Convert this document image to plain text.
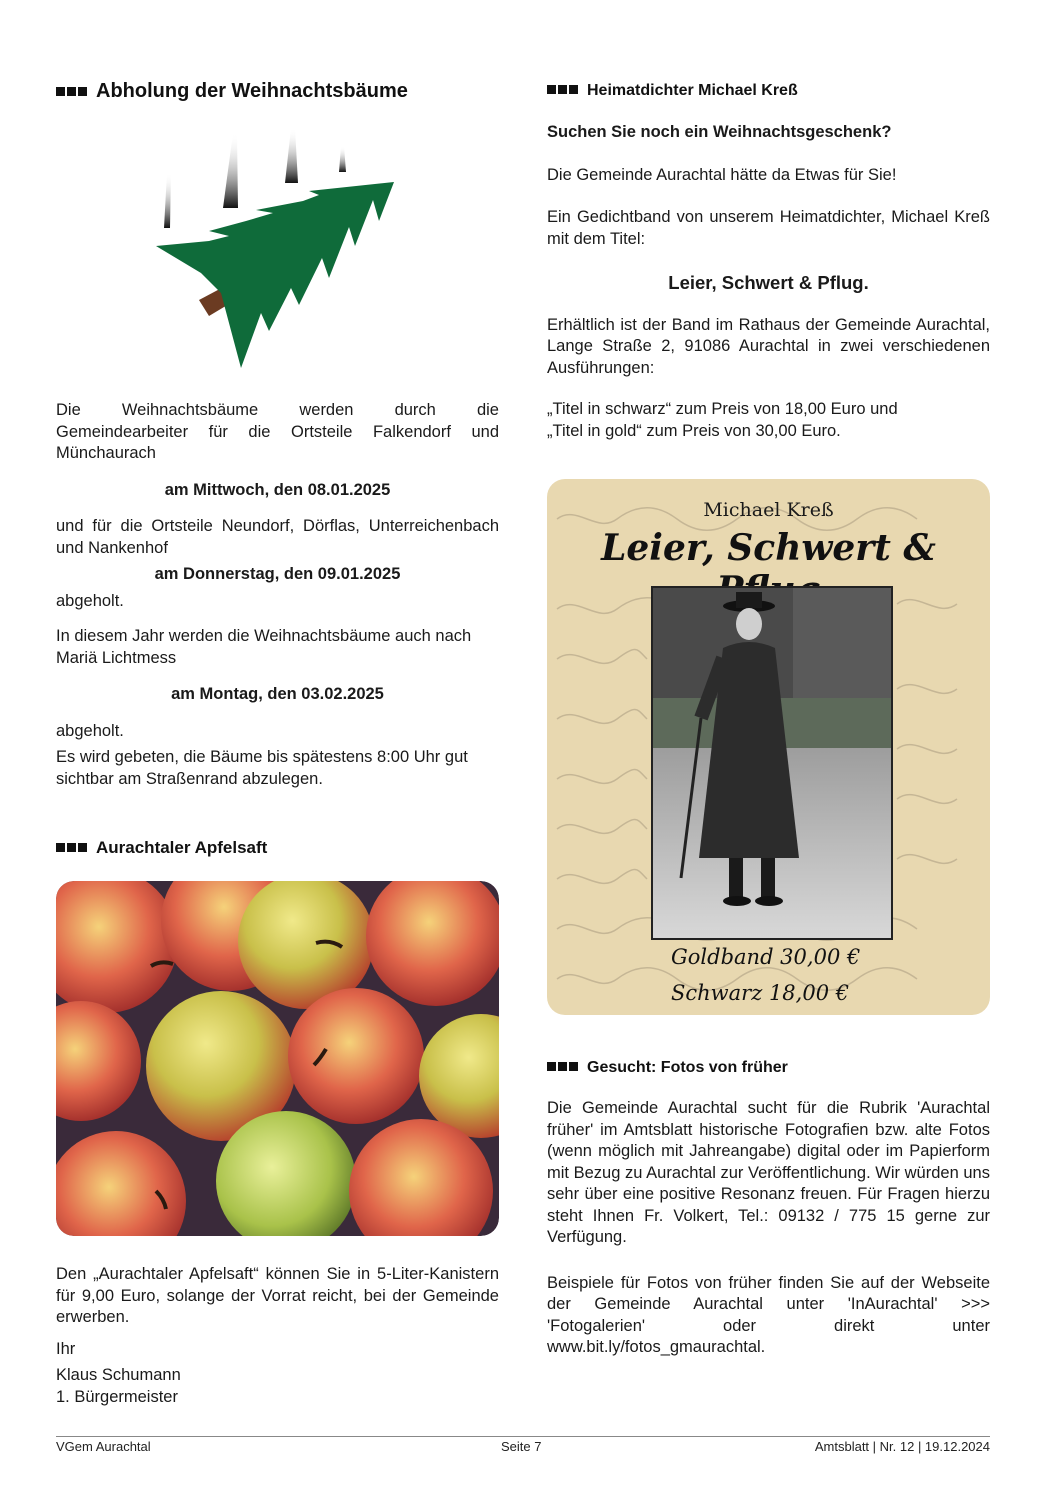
Abholung der Weihnachtsbäume

Die Weihnachtsbäume werden durch die Gemeindearbeiter für die Ortsteile Falkendorf und Münchaurach

am Mittwoch, den 08.01.2025

und für die Ortsteile Neundorf, Dörflas, Unterreichenbach und Nankenhof

am Donnerstag, den 09.01.2025

abgeholt.

In diesem Jahr werden die Weihnachtsbäume auch nach Mariä Lichtmess

am Montag, den 03.02.2025

abgeholt.

Es wird gebeten, die Bäume bis spätestens 8:00 Uhr gut sichtbar am Straßenrand abzulegen.

Aurachtaler Apfelsaft

Den „Aurachtaler Apfelsaft“ können Sie in 5-Liter-Kanistern für 9,00 Euro, solange der Vorrat reicht, bei der Gemeinde erwerben.

Ihr

Klaus Schumann

1. Bürgermeister

Heimatdichter Michael Kreß

Suchen Sie noch ein Weihnachtsgeschenk?

Die Gemeinde Aurachtal hätte da Etwas für Sie!

Ein Gedichtband von unserem Heimatdichter, Michael Kreß mit dem Titel:

Leier, Schwert & Pflug.

Erhältlich ist der Band im Rathaus der Gemeinde Aurachtal, Lange Straße 2, 91086 Aurachtal in zwei verschiedenen Ausführungen:

„Titel in schwarz“ zum Preis von 18,00 Euro und

„Titel in gold“ zum Preis von 30,00 Euro.

Michael Kreß
Leier, Schwert &
Goldband 30,00 €
Schwarz 18,00 €
Gesucht: Fotos von früher

Die Gemeinde Aurachtal sucht für die Rubrik 'Aurachtal früher' im Amtsblatt historische Fotografien bzw. alte Fotos (wenn möglich mit Jahreangabe) digital oder im Papierform mit Bezug zu Aurachtal zur Veröffentlichung. Wir würden uns sehr über eine positive Resonanz freuen. Für Fragen hierzu steht Ihnen Fr. Volkert, Tel.: 09132 / 775 15 gerne zur Verfügung.

Beispiele für Fotos von früher finden Sie auf der Webseite der Gemeinde Aurachtal unter 'InAurachtal' >>> 'Fotogalerien' oder direkt unter www.bit.ly/fotos_gmaurachtal.

VGem Aurachtal	Seite 7	Amtsblatt | Nr. 12 | 19.12.2024
